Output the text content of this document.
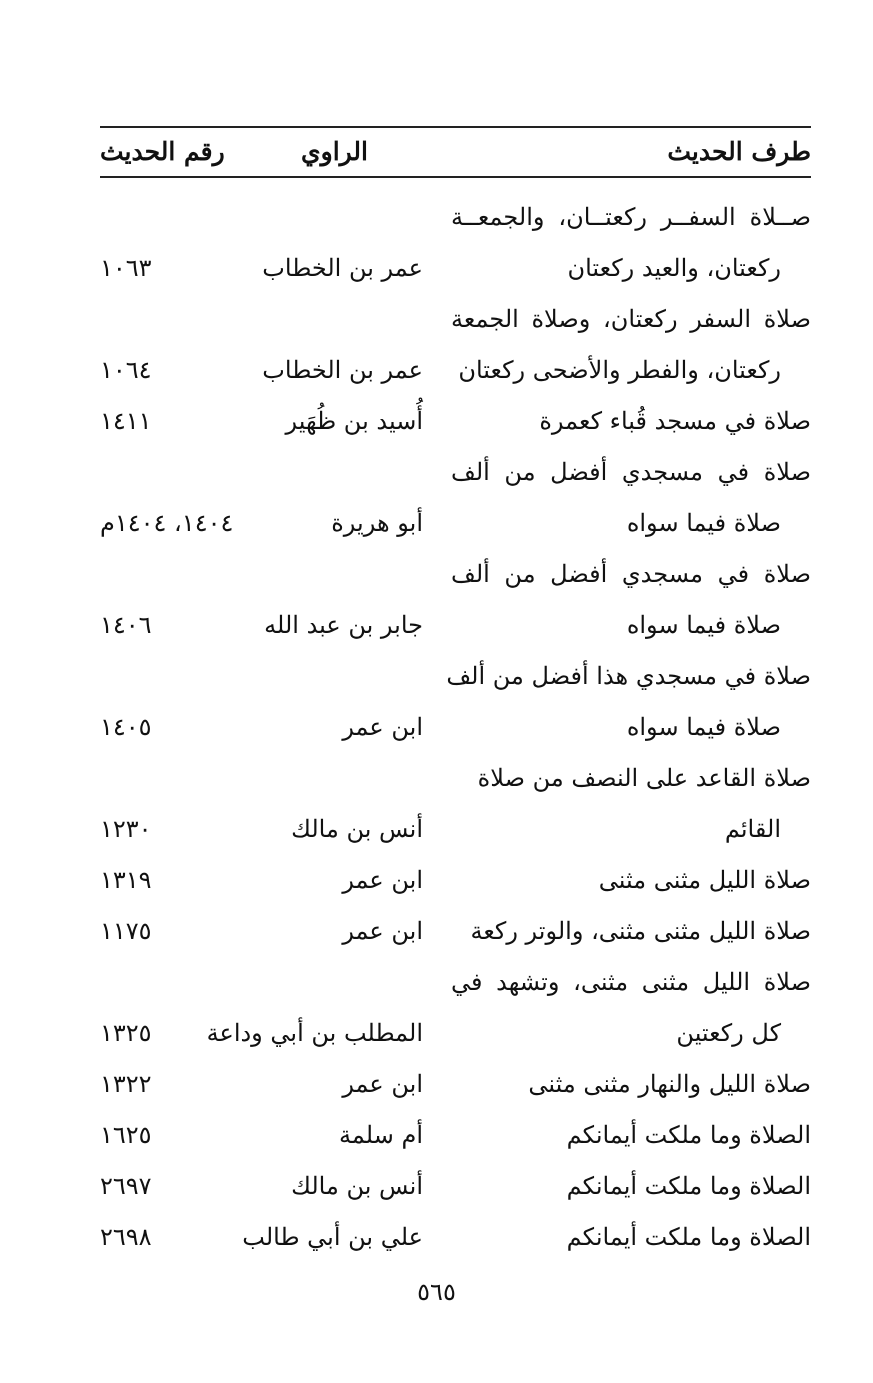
طرف الحديث
الراوي
رقم الحديث
صــلاة السفــر ركعتــان، والجمعــة
ركعتان، والعيد ركعتان
عمر بن الخطاب
١٠٦٣
صلاة السفر ركعتان، وصلاة الجمعة
ركعتان، والفطر والأضحى ركعتان
عمر بن الخطاب
١٠٦٤
صلاة في مسجد قُباء كعمرة
أُسيد بن ظُهَير
١٤١١
صلاة في مسجدي أفضل من ألف
صلاة فيما سواه
أبو هريرة
١٤٠٤، ١٤٠٤م
صلاة في مسجدي أفضل من ألف
صلاة فيما سواه
جابر بن عبد الله
١٤٠٦
صلاة في مسجدي هذا أفضل من ألف
صلاة فيما سواه
ابن عمر
١٤٠٥
صلاة القاعد على النصف من صلاة
القائم
أنس بن مالك
١٢٣٠
صلاة الليل مثنى مثنى
ابن عمر
١٣١٩
صلاة الليل مثنى مثنى، والوتر ركعة
ابن عمر
١١٧٥
صلاة الليل مثنى مثنى، وتشهد في
كل ركعتين
المطلب بن أبي وداعة
١٣٢٥
صلاة الليل والنهار مثنى مثنى
ابن عمر
١٣٢٢
الصلاة وما ملكت أيمانكم
أم سلمة
١٦٢٥
الصلاة وما ملكت أيمانكم
أنس بن مالك
٢٦٩٧
الصلاة وما ملكت أيمانكم
علي بن أبي طالب
٢٦٩٨
٥٦٥
